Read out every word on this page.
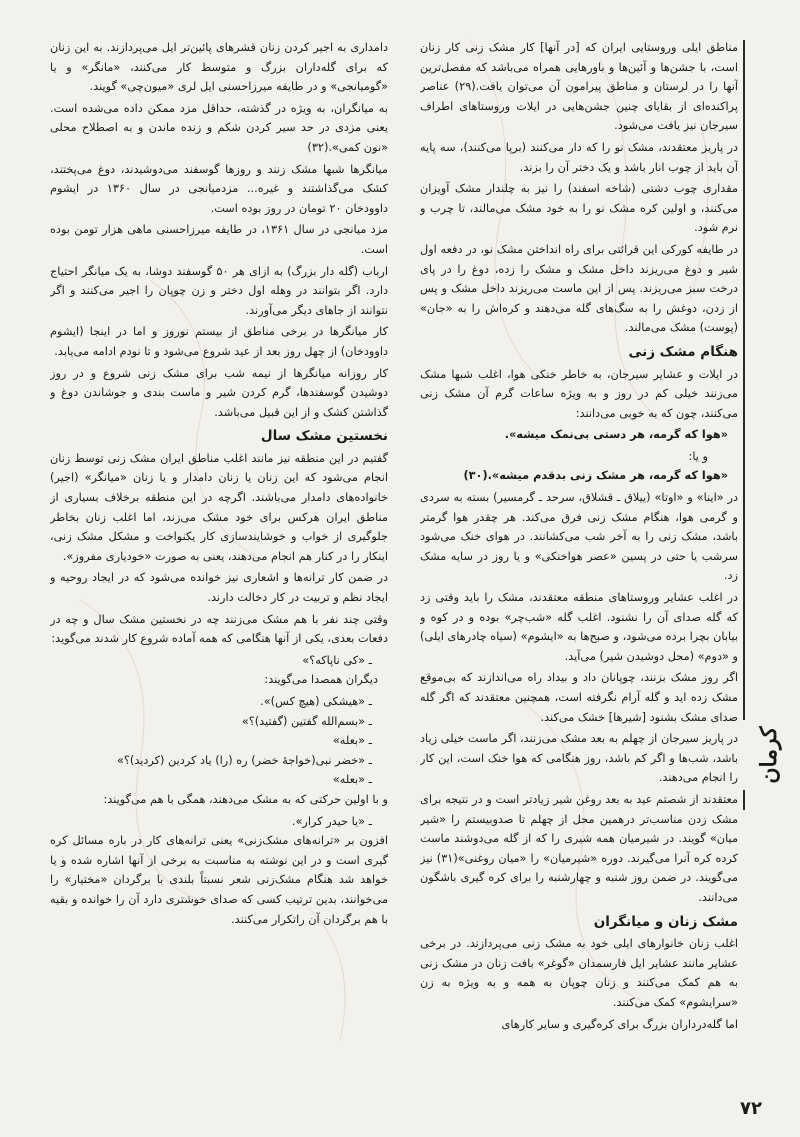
مناطق ایلی وروستایی ایران که [در آنها] کار مشک زنی کار زنان است، با جشن‌ها و آئین‌ها و باورهایی همراه می‌باشد که مفصل‌ترین آنها را در لرستان و مناطق پیرامون آن می‌توان یافت.(۲۹) عناصر پراکنده‌ای از بقایای چنین جشن‌هایی در ایلات وروستاهای اطراف سیرجان نیز یافت می‌شود.

در پاریز معتقدند، مشک نو را که دار می‌کنند (برپا می‌کنند)، سه پایه آن باید از چوب انار باشد و یک دختر آن را بزند.

مقداری چوب دشتی (شاخه اسفند) را نیز به چلندار مشک آویزان می‌کنند، و اولین کره مشک نو را به خود مشک می‌مالند، تا چرب و نرم شود.

در طایفه کورکی این قرائتی برای راه انداختن مشک نو، در دفعه اول شیر و دوغ می‌ریزند داخل مشک و مشک را زده، دوغ را در پای درخت سبز می‌ریزند. پس از این ماست می‌ریزند داخل مشک و پس از زدن، دوغش را به سگ‌های گله می‌دهند و کره‌اش را به «جان» (پوست) مشک می‌مالند.

هنگام مشک زنی

در ایلات و عشایر سیرجان، به خاطر خنکی هوا، اغلب شبها مشک می‌زنند خیلی کم در روز و به ویژه ساعات گرم آن مشک زنی می‌کنند، چون که به خوبی می‌دانند:

«هوا که گرمه، هر دستی بی‌نمک میشه».

و یا:

«هوا که گرمه، هر مشک زنی بدقدم میشه».(۳۰)

در «اینا» و «اوتا» (ییلاق ـ قشلاق، سرحد ـ گرمسیر) بسته به سردی و گرمی هوا، هنگام مشک زنی فرق می‌کند. هر چقدر هوا گرمتر باشد، مشک زنی را به آخر شب می‌کشانند. در هوای خنک می‌شود سرشب یا حتی در پسین «عصر هواخنکی» و یا روز در سایه مشک زد.

در اغلب عشایر وروستاهای منطقه معتقدند، مشک را باید وقتی زد که گله صدای آن را نشنود. اغلب گله «شب‌چر» بوده و در کوه و بیابان بچرا برده می‌شود، و صبح‌ها به «ایشوم» (سیاه چادرهای ایلی) و «دوم» (محل دوشیدن شیر) می‌آید.

اگر روز مشک بزنند، چوپانان داد و بیداد راه می‌اندازند که بی‌موقع مشک زده اید و گله آرام نگرفته است، همچنین معتقدند که اگر گله صدای مشک بشنود [شیرها] خشک می‌کند.

در پاریز سیرجان از چهلم به بعد مشک می‌زنند، اگر ماست خیلی زیاد باشد، شب‌ها و اگر کم باشد، روز هنگامی که هوا خنک است، این کار را انجام می‌دهند.

معتقدند از شصتم عید به بعد روغن شیر زیادتر است و در نتیجه برای مشک زدن مناسب‌تر درهمین محل از چهلم تا صدوبیستم را «شیر میان» گویند. در شیرمیان همه شیری را که از گله می‌دوشند ماست کرده کره آنرا می‌گیرند. دوره «شیرمیان» را «میان روغنی»(۳۱) نیز می‌گویند. در ضمن روز شنبه و چهارشنبه را برای کره گیری باشگون می‌دانند.

مشک زنان و میانگران

اغلب زنان خانوارهای ایلی خود به مشک زنی می‌پردازند. در برخی عشایر مانند عشایر ایل فارسمدان «گوغر» بافت زنان در مشک زنی به هم کمک می‌کنند و زنان چوپان به همه و به ویژه به زن «سرایشوم» کمک می‌کنند.

اما گله‌درداران بزرگ برای کره‌گیری و سایر کارهای

دامداری به اجیر کردن زنان قشرهای پائین‌تر ایل می‌پردازند. به این زنان که برای گله‌داران بزرگ و متوسط کار می‌کنند، «مانگر» و یا «گومیانجی» و در طایفه میرزاحسنی ایل لری «میون‌چی» گویند.

به میانگران، به ویژه در گذشته، حداقل مزد ممکن داده می‌شده است. یعنی مزدی در حد سیر کردن شکم و زنده ماندن و به اصطلاح محلی «نون کمی».(۳۲)

میانگرها شبها مشک زنند و روزها گوسفند می‌دوشیدند، دوغ می‌پختند، کشک می‌گذاشتند و غیره... مزدمیانجی در سال ۱۳۶۰ در ایشوم داوودخان ۲۰ تومان در روز بوده است.

مزد میانجی در سال ۱۳۶۱، در طایفه میرزاحسنی ماهی هزار تومن بوده است.

ارباب (گله دار بزرگ) به ازای هر ۵۰ گوسفند دوشا، به یک میانگر احتیاج دارد. اگر بتوانند در وهله اول دختر و زن چوپان را اجیر می‌کنند و اگر نتوانند از جاهای دیگر می‌آورند.

کار میانگرها در برخی مناطق از بیستم نوروز و اما در اینجا (ایشوم داوودخان) از چهل روز بعد از عید شروع می‌شود و تا نودم ادامه می‌یابد.

کار روزانه میانگرها از نیمه شب برای مشک زنی شروع و در روز دوشیدن گوسفندها، گرم کردن شیر و ماست بندی و جوشاندن دوغ و گذاشتن کشک و از این قبیل می‌باشد.

نخستین مشک سال

گفتیم در این منطقه نیز مانند اغلب مناطق ایران مشک زنی توسط زنان انجام می‌شود که این زنان یا زنان دامدار و یا زنان «میانگر» (اجیر) خانواده‌های دامدار می‌باشند. اگرچه در این منطقه برخلاف بسیاری از مناطق ایران هرکس برای خود مشک می‌زند، اما اغلب زنان بخاطر جلوگیری از خواب و خوشایندسازی کار یکنواخت و مشکل مشک زنی، اینکار را در کنار هم انجام می‌دهند، یعنی به صورت «خودیاری مفروز».

در ضمن کار ترانه‌ها و اشعاری نیز خوانده می‌شود که در ایجاد روحیه و ایجاد نظم و تربیت در کار دخالت دارند.

وقتی چند نفر با هم مشک می‌زنند چه در نخستین مشک سال و چه در دفعات بعدی، یکی از آنها هنگامی که همه آماده شروع کار شدند می‌گوید:

ـ «کی ناپاکه؟»

دیگران همصدا می‌گویند:

ـ «هیشکی (هیچ کس)».

ـ «بسم‌الله گفتین (گفتید)؟»

ـ «بعله»

ـ «خضر نبی(خواجهٔ خضر) ره (را) یاد کردین (کردید)؟»

ـ «بعله»

و با اولین حرکتی که به مشک می‌دهند، همگی با هم می‌گویند:

ـ «یا حیدر کرار».

افزون بر «ترانه‌های مشک‌زنی» یعنی ترانه‌های کار در باره مسائل کره گیری است و در این نوشته به مناسبت به برخی از آنها اشاره شده و یا خواهد شد هنگام مشک‌زنی شعر نسبتاً بلندی با برگردان «مختیار» را می‌خوانند، بدین ترتیب کسی که صدای خوشتری دارد آن را خوانده و بقیه با هم برگردان آن راتکرار می‌کنند.

کرمان
۷۲
